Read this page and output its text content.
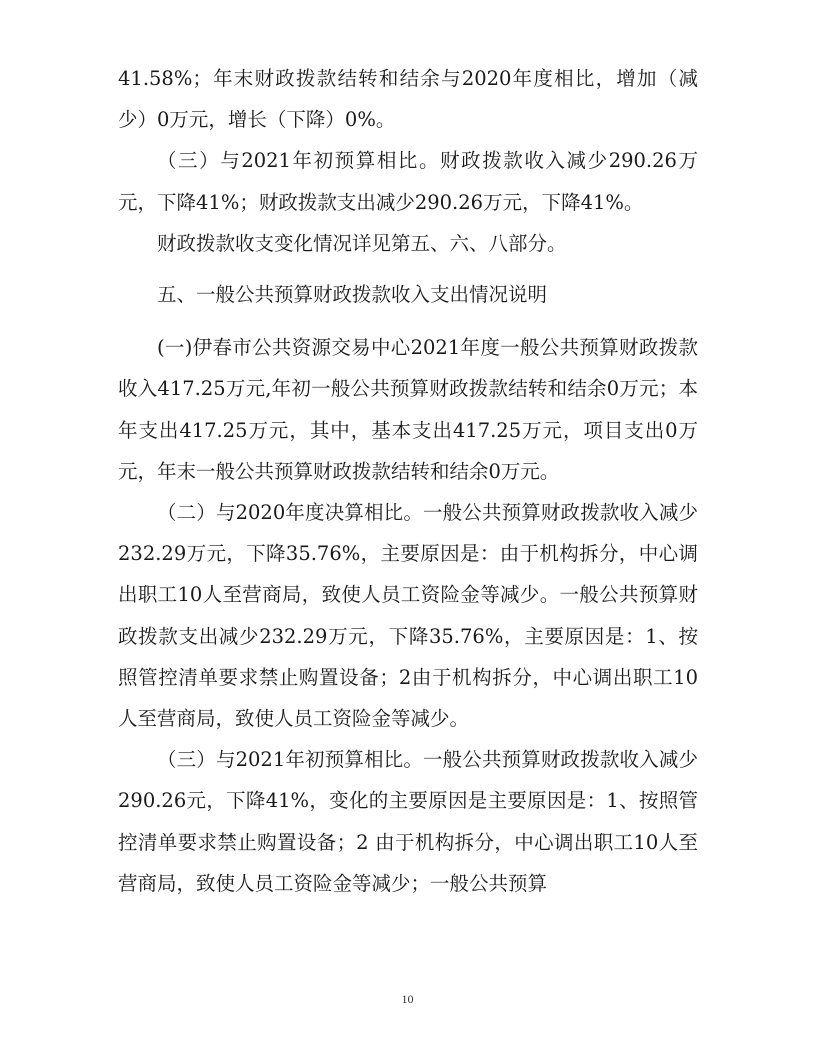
41.58%；年末财政拨款结转和结余与2020年度相比，增加（减少）0万元，增长（下降）0%。

（三）与2021年初预算相比。财政拨款收入减少290.26万元，下降41%；财政拨款支出减少290.26万元，下降41%。

财政拨款收支变化情况详见第五、六、八部分。

五、一般公共预算财政拨款收入支出情况说明

(一)伊春市公共资源交易中心2021年度一般公共预算财政拨款收入417.25万元,年初一般公共预算财政拨款结转和结余0万元；本年支出417.25万元，其中，基本支出417.25万元，项目支出0万元，年末一般公共预算财政拨款结转和结余0万元。

（二）与2020年度决算相比。一般公共预算财政拨款收入减少232.29万元，下降35.76%，主要原因是：由于机构拆分，中心调出职工10人至营商局，致使人员工资险金等减少。一般公共预算财政拨款支出减少232.29万元，下降35.76%，主要原因是：1、按照管控清单要求禁止购置设备；2由于机构拆分，中心调出职工10人至营商局，致使人员工资险金等减少。

（三）与2021年初预算相比。一般公共预算财政拨款收入减少290.26元，下降41%，变化的主要原因是主要原因是：1、按照管控清单要求禁止购置设备；2 由于机构拆分，中心调出职工10人至营商局，致使人员工资险金等减少；一般公共预算

10
